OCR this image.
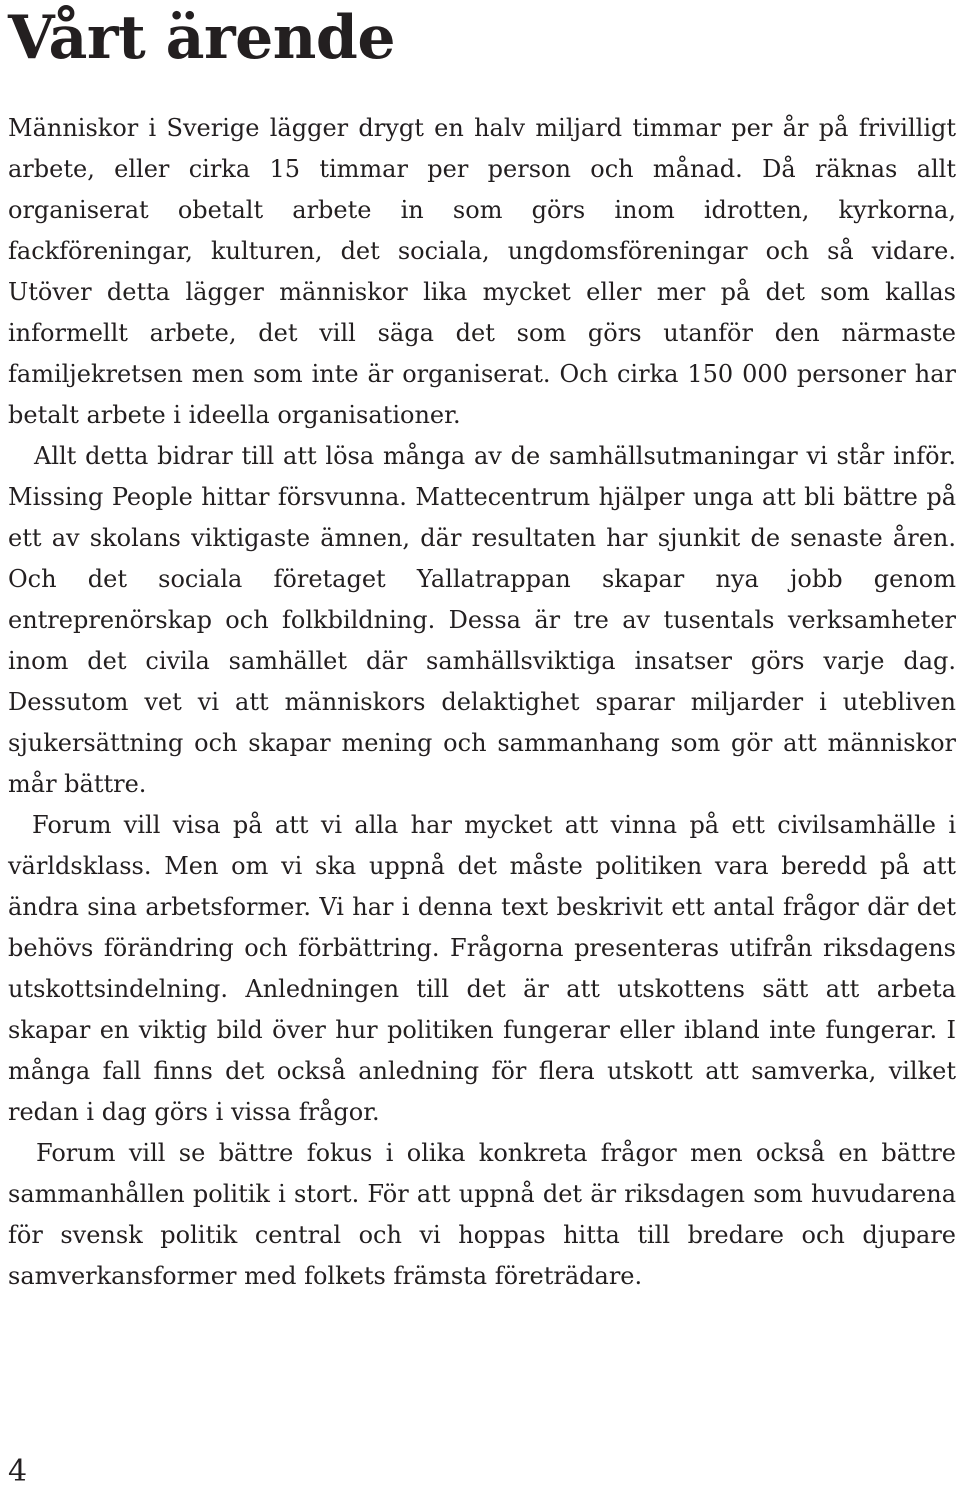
Vårt ärende

Människor i Sverige lägger drygt en halv miljard timmar per år på frivilligt arbete, eller cirka 15 timmar per person och månad. Då räknas allt organiserat obetalt arbete in som görs inom idrotten, kyrkorna, fackföreningar, kulturen, det sociala, ungdomsföreningar och så vidare. Utöver detta lägger människor lika mycket eller mer på det som kallas informellt arbete, det vill säga det som görs utanför den närmaste familjekretsen men som inte är organiserat. Och cirka 150 000 personer har betalt arbete i ideella organisationer.

Allt detta bidrar till att lösa många av de samhällsutmaningar vi står inför. Missing People hittar försvunna. Mattecentrum hjälper unga att bli bättre på ett av skolans viktigaste ämnen, där resultaten har sjunkit de senaste åren. Och det sociala företaget Yallatrappan skapar nya jobb genom entreprenörskap och folkbildning. Dessa är tre av tusentals verksamheter inom det civila samhället där samhällsviktiga insatser görs varje dag. Dessutom vet vi att människors delaktighet sparar miljarder i utebliven sjukersättning och skapar mening och sammanhang som gör att människor mår bättre.

Forum vill visa på att vi alla har mycket att vinna på ett civilsamhälle i världsklass. Men om vi ska uppnå det måste politiken vara beredd på att ändra sina arbetsformer. Vi har i denna text beskrivit ett antal frågor där det behövs förändring och förbättring. Frågorna presenteras utifrån riksdagens utskottsindelning. Anledningen till det är att utskottens sätt att arbeta skapar en viktig bild över hur politiken fungerar eller ibland inte fungerar. I många fall finns det också anledning för flera utskott att samverka, vilket redan i dag görs i vissa frågor.

Forum vill se bättre fokus i olika konkreta frågor men också en bättre sammanhållen politik i stort. För att uppnå det är riksdagen som huvudarena för svensk politik central och vi hoppas hitta till bredare och djupare samverkansformer med folkets främsta företrädare.

4
